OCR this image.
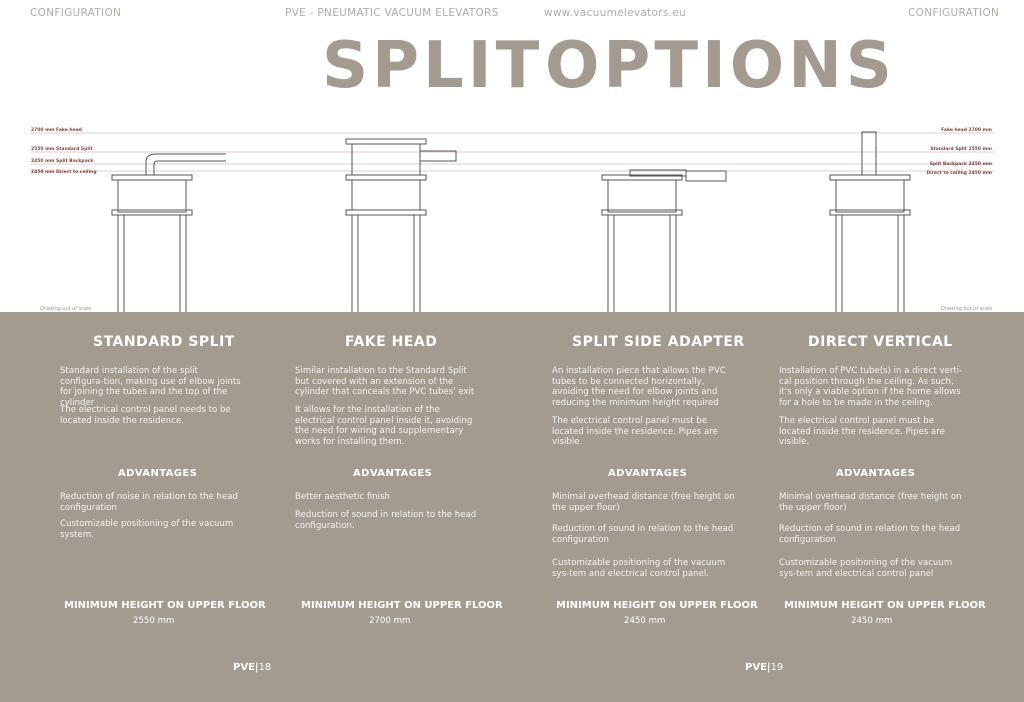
CONFIGURATION	PVE - PNEUMATIC VACUUM ELEVATORS	www.vacuumelevators.eu	CONFIGURATION
SPLIT OPTIONS
2700 mm Fake head
2550 mm Standard Split
2450 mm Split Backpack
2450 mm Direct to ceiling
Fake head 2700 mm
Standard Split 2550 mm
Split Backpack 2450 mm
Direct to ceiling 2450 mm
Drawing out of scale	Drawing out of scale
STANDARD SPLIT

Standard installation of the split configura-tion, making use of elbow joints for joining the tubes and the top of the cylinder

The electrical control panel needs to be located inside the residence.

ADVANTAGES

Reduction of noise in relation to the head configuration

Customizable positioning of the vacuum system.

MINIMUM HEIGHT ON UPPER FLOOR
2550 mm
FAKE HEAD

Similar installation to the Standard Split but covered with an extension of the cylinder that conceals the PVC tubes' exit

It allows for the installation of the electrical control panel inside it, avoiding the need for wiring and supplementary works for installing them.

ADVANTAGES

Better aesthetic finish

Reduction of sound in relation to the head configuration.

MINIMUM HEIGHT ON UPPER FLOOR
2700 mm
SPLIT SIDE ADAPTER

An installation piece that allows the PVC tubes to be connected horizontally, avoiding the need for elbow joints and reducing the minimum height required

The electrical control panel must be located inside the residence. Pipes are visible.

ADVANTAGES

Minimal overhead distance (free height on the upper floor)

Reduction of sound in relation to the head configuration

Customizable positioning of the vacuum sys-tem and electrical control panel.

MINIMUM HEIGHT ON UPPER FLOOR
2450 mm
DIRECT VERTICAL

Installation of PVC tube(s) in a direct verti-cal position through the ceiling. As such, it's only a viable option if the home allows for a hole to be made in the ceiling.

The electrical control panel must be located inside the residence. Pipes are visible.

ADVANTAGES

Minimal overhead distance (free height on the upper floor)

Reduction of sound in relation to the head configuration

Customizable positioning of the vacuum sys-tem and electrical control panel

MINIMUM HEIGHT ON UPPER FLOOR
2450 mm
PVE|18	PVE|19
